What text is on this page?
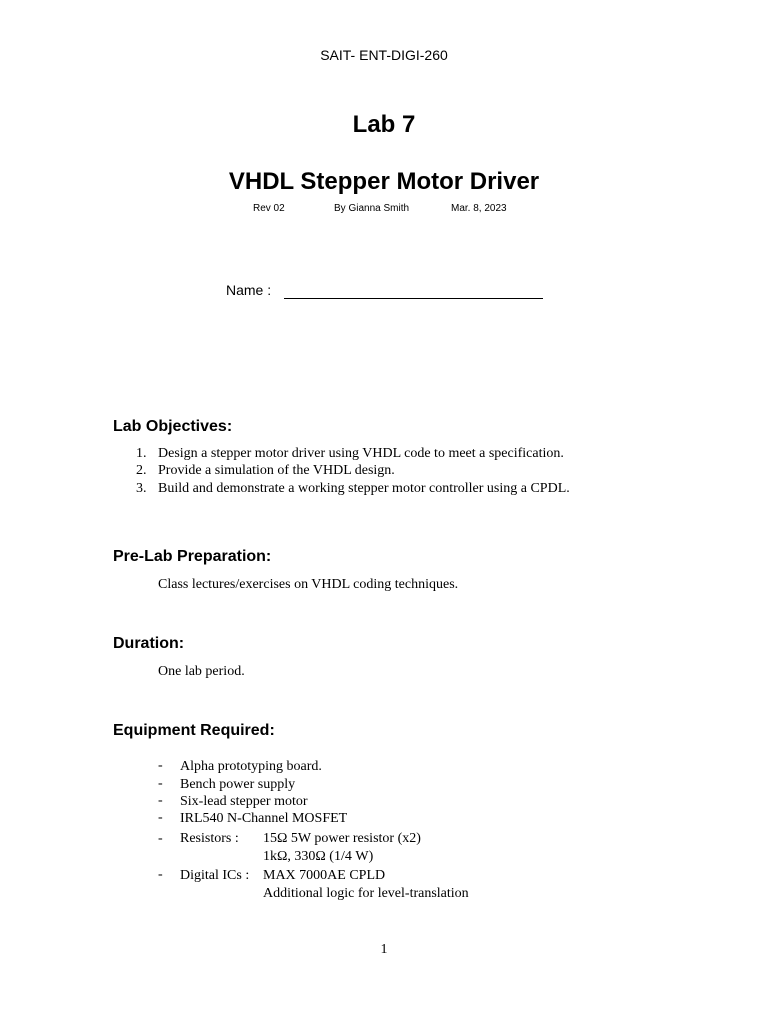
SAIT- ENT-DIGI-260
Lab 7
VHDL Stepper Motor Driver
Rev 02	By Gianna Smith	Mar. 8, 2023
Name :
Lab Objectives:
1. Design a stepper motor driver using VHDL code to meet a specification.
2. Provide a simulation of the VHDL design.
3. Build and demonstrate a working stepper motor controller using a CPDL.
Pre-Lab Preparation:
Class lectures/exercises on VHDL coding techniques.
Duration:
One lab period.
Equipment Required:
- Alpha prototyping board.
- Bench power supply
- Six-lead stepper motor
- IRL540 N-Channel MOSFET
- Resistors : 15Ω 5W power resistor (x2)
1kΩ, 330Ω (1/4 W)
- Digital ICs : MAX 7000AE CPLD
Additional logic for level-translation
1
